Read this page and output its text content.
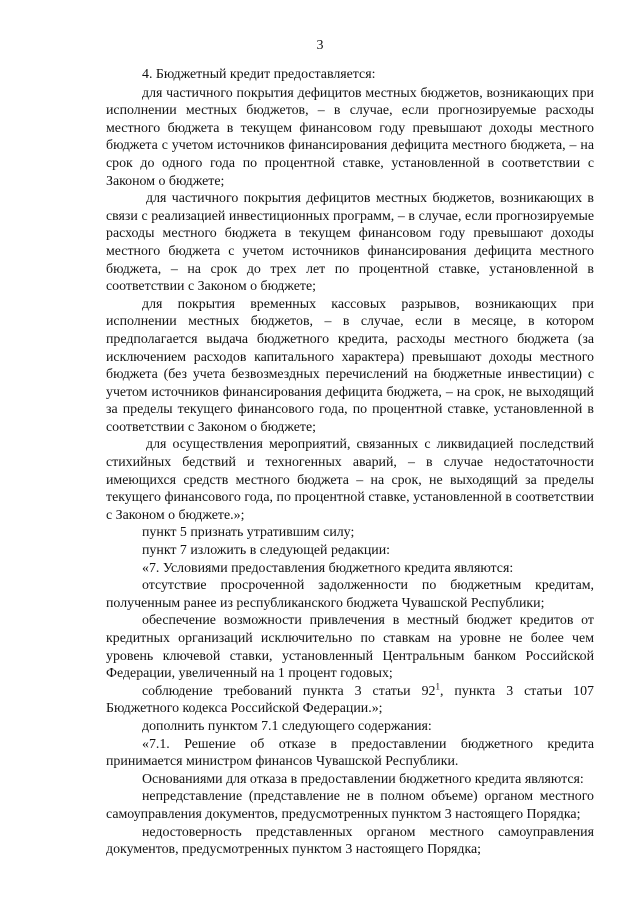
3

4. Бюджетный кредит предоставляется:

для частичного покрытия дефицитов местных бюджетов, возникающих при исполнении местных бюджетов, – в случае, если прогнозируемые расходы местного бюджета в текущем финансовом году превышают доходы местного бюджета с учетом источников финансирования дефицита местного бюджета, – на срок до одного года по процентной ставке, установленной в соответствии с Законом о бюджете;

для частичного покрытия дефицитов местных бюджетов, возникающих в связи с реализацией инвестиционных программ, – в случае, если прогнозируемые расходы местного бюджета в текущем финансовом году превышают доходы местного бюджета с учетом источников финансирования дефицита местного бюджета, – на срок до трех лет по процентной ставке, установленной в соответствии с Законом о бюджете;

для покрытия временных кассовых разрывов, возникающих при исполнении местных бюджетов, – в случае, если в месяце, в котором предполагается выдача бюджетного кредита, расходы местного бюджета (за исключением расходов капитального характера) превышают доходы местного бюджета (без учета безвозмездных перечислений на бюджетные инвестиции) с учетом источников финансирования дефицита бюджета, – на срок, не выходящий за пределы текущего финансового года, по процентной ставке, установленной в соответствии с Законом о бюджете;

для осуществления мероприятий, связанных с ликвидацией последствий стихийных бедствий и техногенных аварий, – в случае недостаточности имеющихся средств местного бюджета – на срок, не выходящий за пределы текущего финансового года, по процентной ставке, установленной в соответствии с Законом о бюджете.»;

пункт 5 признать утратившим силу;

пункт 7 изложить в следующей редакции:

«7. Условиями предоставления бюджетного кредита являются:

отсутствие просроченной задолженности по бюджетным кредитам, полученным ранее из республиканского бюджета Чувашской Республики;

обеспечение возможности привлечения в местный бюджет кредитов от кредитных организаций исключительно по ставкам на уровне не более чем уровень ключевой ставки, установленный Центральным банком Российской Федерации, увеличенный на 1 процент годовых;

соблюдение требований пункта 3 статьи $92^1$, пункта 3 статьи 107 Бюджетного кодекса Российской Федерации.»;

дополнить пунктом 7.1 следующего содержания:

«7.1. Решение об отказе в предоставлении бюджетного кредита принимается министром финансов Чувашской Республики.

Основаниями для отказа в предоставлении бюджетного кредита являются:

непредставление (представление не в полном объеме) органом местного самоуправления документов, предусмотренных пунктом 3 настоящего Порядка;

недостоверность представленных органом местного самоуправления документов, предусмотренных пунктом 3 настоящего Порядка;
